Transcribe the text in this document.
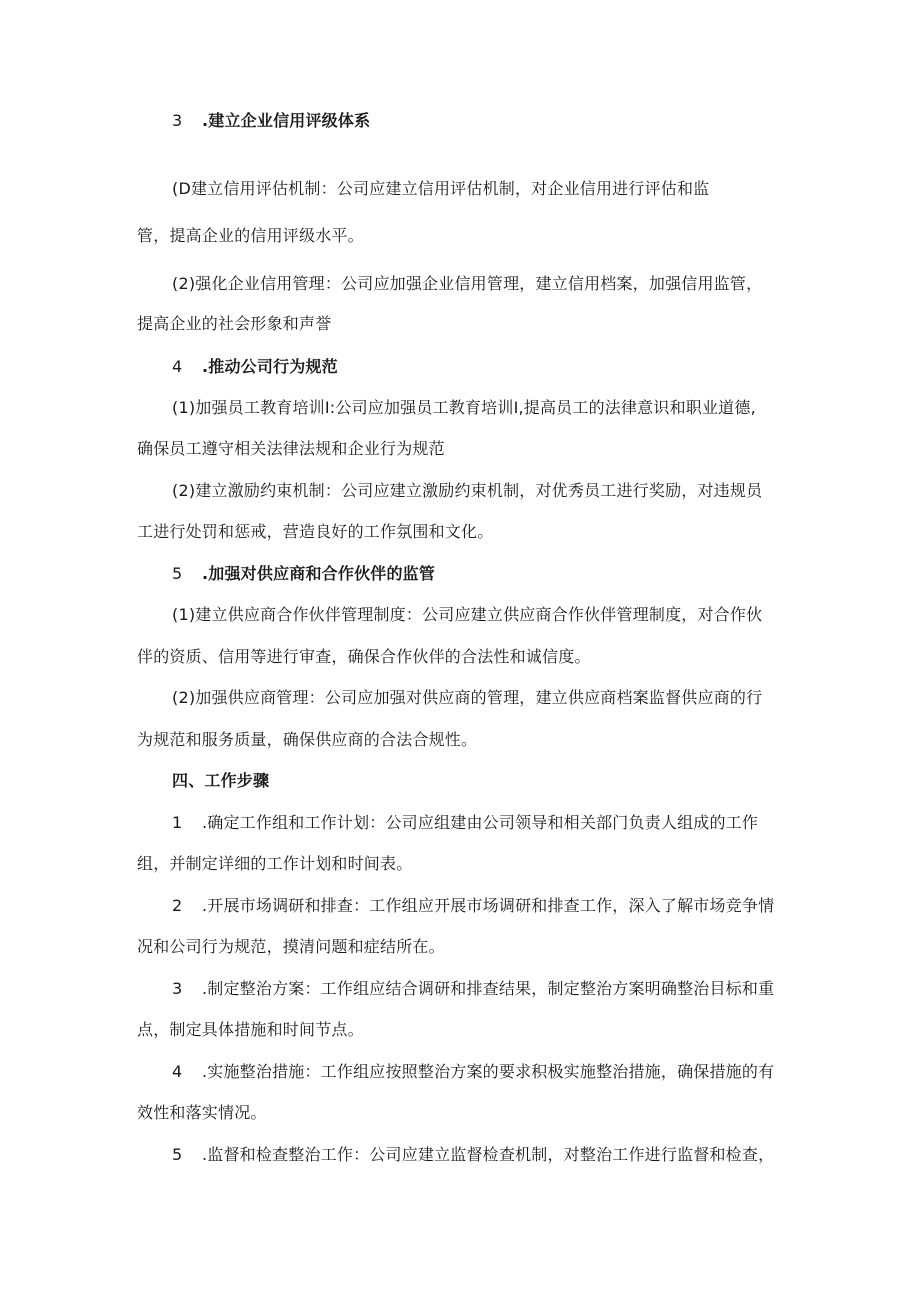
3 .建立企业信用评级体系
(D建立信用评估机制：公司应建立信用评估机制，对企业信用进行评估和监
管，提高企业的信用评级水平。
(2)强化企业信用管理：公司应加强企业信用管理，建立信用档案，加强信用监管，
提高企业的社会形象和声誉
4 .推动公司行为规范
(1)加强员工教育培训I:公司应加强员工教育培训I,提高员工的法律意识和职业道德,
确保员工遵守相关法律法规和企业行为规范
(2)建立激励约束机制：公司应建立激励约束机制，对优秀员工进行奖励，对违规员
工进行处罚和惩戒，营造良好的工作氛围和文化。
5 .加强对供应商和合作伙伴的监管
(1)建立供应商合作伙伴管理制度：公司应建立供应商合作伙伴管理制度，对合作伙
伴的资质、信用等进行审查，确保合作伙伴的合法性和诚信度。
(2)加强供应商管理：公司应加强对供应商的管理，建立供应商档案监督供应商的行
为规范和服务质量，确保供应商的合法合规性。
四、工作步骤
1 .确定工作组和工作计划：公司应组建由公司领导和相关部门负责人组成的工作
组，并制定详细的工作计划和时间表。
2 .开展市场调研和排查：工作组应开展市场调研和排查工作，深入了解市场竞争情
况和公司行为规范，摸清问题和症结所在。
3 .制定整治方案：工作组应结合调研和排查结果，制定整治方案明确整治目标和重
点，制定具体措施和时间节点。
4 .实施整治措施：工作组应按照整治方案的要求积极实施整治措施，确保措施的有
效性和落实情况。
5 .监督和检查整治工作：公司应建立监督检查机制，对整治工作进行监督和检查，
